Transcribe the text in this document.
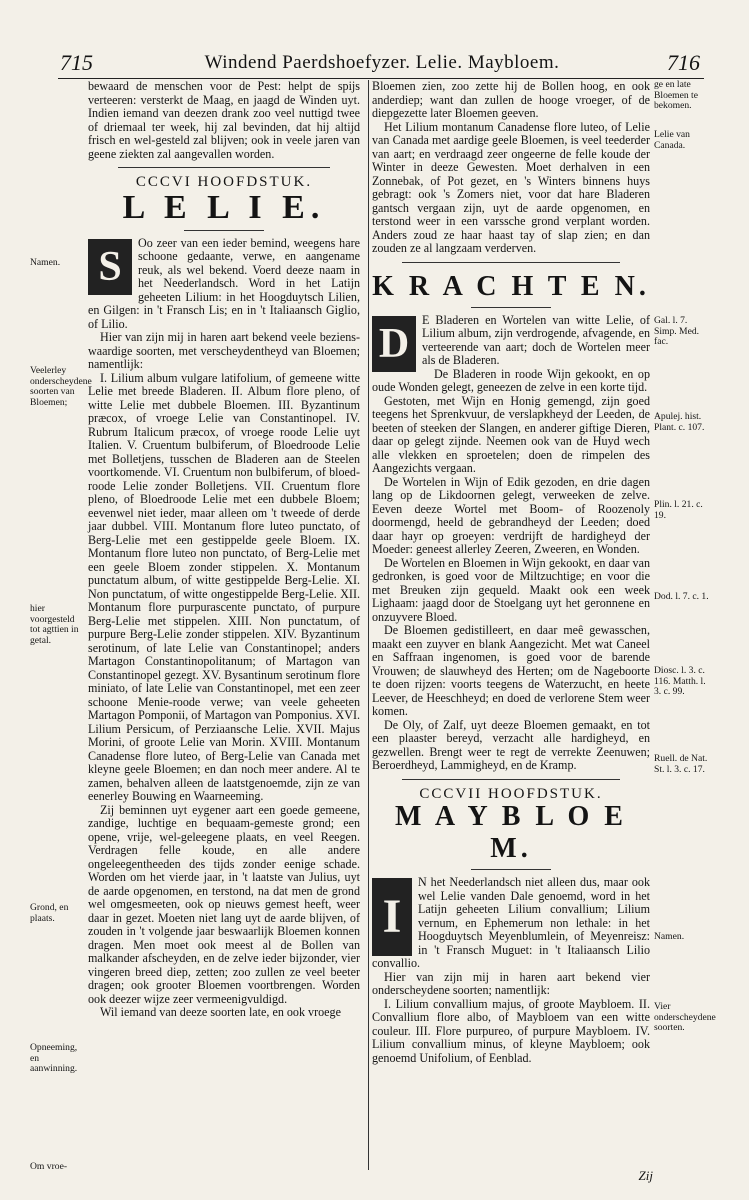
715	Windend Paerdshoefyzer. Lelie. Maybloem.	716

bewaard de menschen voor de Pest: helpt de spijs verteeren: versterkt de Maag, en jaagd de Winden uyt. Indien iemand van deezen drank zoo veel nuttigd twee of driemaal ter week, hij zal bevinden, dat hij altijd frisch en wel-gesteld zal blijven; ook in veele jaren van geene ziekten zal aangevallen worden.

CCCVI HOOFDSTUK.

L E L I E.

S

Oo zeer van een ieder bemind, weegens hare schoone gedaante, verwe, en aangename reuk, als wel bekend. Voerd deeze naam in het Neederlandsch. Word in het Latijn geheeten Lilium: in het Hoogduytsch Lilien, en Gilgen: in 't Fransch Lis; en in 't Italiaansch Giglio, of Lilio.

Hier van zijn mij in haren aart bekend veele beziens-waardige soorten, met verscheydentheyd van Bloemen; namentlijk:

I. Lilium album vulgare latifolium, of gemeene witte Lelie met breede Bladeren. II. Album flore pleno, of witte Lelie met dubbele Bloemen. III. Byzantinum præcox, of vroege Lelie van Constantinopel. IV. Rubrum Italicum præcox, of vroege roode Lelie uyt Italien. V. Cruentum bulbiferum, of Bloedroode Lelie met Bolletjens, tusschen de Bladeren aan de Steelen voortkomende. VI. Cruentum non bulbiferum, of bloed-roode Lelie zonder Bolletjens. VII. Cruentum flore pleno, of Bloedroode Lelie met een dubbele Bloem; eevenwel niet ieder, maar alleen om 't tweede of derde jaar dubbel. VIII. Montanum flore luteo punctato, of Berg-Lelie met een gestippelde geele Bloem. IX. Montanum flore luteo non punctato, of Berg-Lelie met een geele Bloem zonder stippelen. X. Montanum punctatum album, of witte gestippelde Berg-Lelie. XI. Non punctatum, of witte ongestippelde Berg-Lelie. XII. Montanum flore purpurascente punctato, of purpure Berg-Lelie met stippelen. XIII. Non punctatum, of purpure Berg-Lelie zonder stippelen. XIV. Byzantinum serotinum, of late Lelie van Constantinopel; anders Martagon Constantinopolitanum; of Martagon van Constantinopel gezegt. XV. Bysantinum serotinum flore miniato, of late Lelie van Constantinopel, met een zeer schoone Menie-roode verwe; van veele geheeten Martagon Pomponii, of Martagon van Pomponius. XVI. Lilium Persicum, of Perziaansche Lelie. XVII. Majus Morini, of groote Lelie van Morin. XVIII. Montanum Canadense flore luteo, of Berg-Lelie van Canada met kleyne geele Bloemen; en dan noch meer andere. Al te zamen, behalven alleen de laatstgenoemde, zijn ze van eenerley Bouwing en Waarneeming.

Zij beminnen uyt eygener aart een goede gemeene, zandige, luchtige en bequaam-gemeste grond; een opene, vrije, wel-geleegene plaats, en veel Reegen. Verdragen felle koude, en alle andere ongeleegentheeden des tijds zonder eenige schade. Worden om het vierde jaar, in 't laatste van Julius, uyt de aarde opgenomen, en terstond, na dat men de grond wel omgesmeeten, ook op nieuws gemest heeft, weer daar in gezet. Moeten niet lang uyt de aarde blijven, of zouden in 't volgende jaar beswaarlijk Bloemen konnen dragen. Men moet ook meest al de Bollen van malkander afscheyden, en de zelve ieder bijzonder, vier vingeren breed diep, zetten; zoo zullen ze veel beeter dragen; ook grooter Bloemen voortbrengen. Worden ook deezer wijze zeer vermeenigvuldigd.

Wil iemand van deeze soorten late, en ook vroege

Bloemen zien, zoo zette hij de Bollen hoog, en ook anderdiep; want dan zullen de hooge vroeger, of de diepgezette later Bloemen geeven.

Het Lilium montanum Canadense flore luteo, of Lelie van Canada met aardige geele Bloemen, is veel teederder van aart; en verdraagd zeer ongeerne de felle koude der Winter in deeze Gewesten. Moet derhalven in een Zonnebak, of Pot gezet, en 's Winters binnens huys gebragt: ook 's Zomers niet, voor dat hare Bladeren gantsch vergaan zijn, uyt de aarde opgenomen, en terstond weer in een varssche grond verplant worden. Anders zoud ze haar haast tay of slap zien; en dan zouden ze al langzaam verderven.

K R A C H T E N.

D

E Bladeren en Wortelen van witte Lelie, of Lilium album, zijn verdrogende, afvagende, en verteerende van aart; doch de Wortelen meer als de Bladeren.

De Bladeren in roode Wijn gekookt, en op oude Wonden gelegt, geneezen de zelve in een korte tijd.

Gestoten, met Wijn en Honig gemengd, zijn goed teegens het Sprenkvuur, de verslapkheyd der Leeden, de beeten of steeken der Slangen, en anderer giftige Dieren, daar op gelegt zijnde. Neemen ook van de Huyd wech alle vlekken en sproetelen; doen de rimpelen des Aangezichts vergaan.

De Wortelen in Wijn of Edik gezoden, en drie dagen lang op de Likdoornen gelegt, verweeken de zelve. Eeven deeze Wortel met Boom- of Roozenoly doormengd, heeld de gebrandheyd der Leeden; doed daar hayr op groeyen: verdrijft de hardigheyd der Moeder: geneest allerley Zeeren, Zweeren, en Wonden.

De Wortelen en Bloemen in Wijn gekookt, en daar van gedronken, is goed voor de Miltzuchtige; en voor die met Breuken zijn gequeld. Maakt ook een week Lighaam: jaagd door de Stoelgang uyt het geronnene en onzuyvere Bloed.

De Bloemen gedistilleert, en daar meê gewasschen, maakt een zuyver en blank Aangezicht. Met wat Caneel en Saffraan ingenomen, is goed voor de barende Vrouwen; de slauwheyd des Herten; om de Nageboorte te doen rijzen: voorts teegens de Waterzucht, en heete Leever, de Heeschheyd; en doed de verlorene Stem weer komen.

De Oly, of Zalf, uyt deeze Bloemen gemaakt, en tot een plaaster bereyd, verzacht alle hardigheyd, en gezwellen. Brengt weer te regt de verrekte Zeenuwen; Beroerdheyd, Lammigheyd, en de Kramp.

CCCVII HOOFDSTUK.

M A Y B L O E M.

I

N het Neederlandsch niet alleen dus, maar ook wel Lelie vanden Dale genoemd, word in het Latijn geheeten Lilium convallium; Lilium vernum, en Ephemerum non lethale: in het Hoogduytsch Meyenblumlein, of Meyenreisz: in 't Fransch Muguet: in 't Italiaansch Lilio convallio.

Hier van zijn mij in haren aart bekend vier onderscheydene soorten; namentlijk:

I. Lilium convallium majus, of groote Maybloem. II. Convallium flore albo, of Maybloem van een witte couleur. III. Flore purpureo, of purpure Maybloem. IV. Lilium convallium minus, of kleyne Maybloem; ook genoemd Unifolium, of Eenblad.

Zij
Namen.
Veelerley onderscheydene soorten van Bloemen;
hier voorgesteld tot agttien in getal.
Grond, en plaats.
Opneeming, en aanwinning.
Om vroe-
ge en late Bloemen te bekomen.
Lelie van Canada.
Gal. l. 7. Simp. Med. fac.
Apulej. hist. Plant. c. 107.
Plin. l. 21. c. 19.
Dod. l. 7. c. 1.
Diosc. l. 3. c. 116. Matth. l. 3. c. 99.
Ruell. de Nat. St. l. 3. c. 17.
Namen.
Vier onderscheydene soorten.
